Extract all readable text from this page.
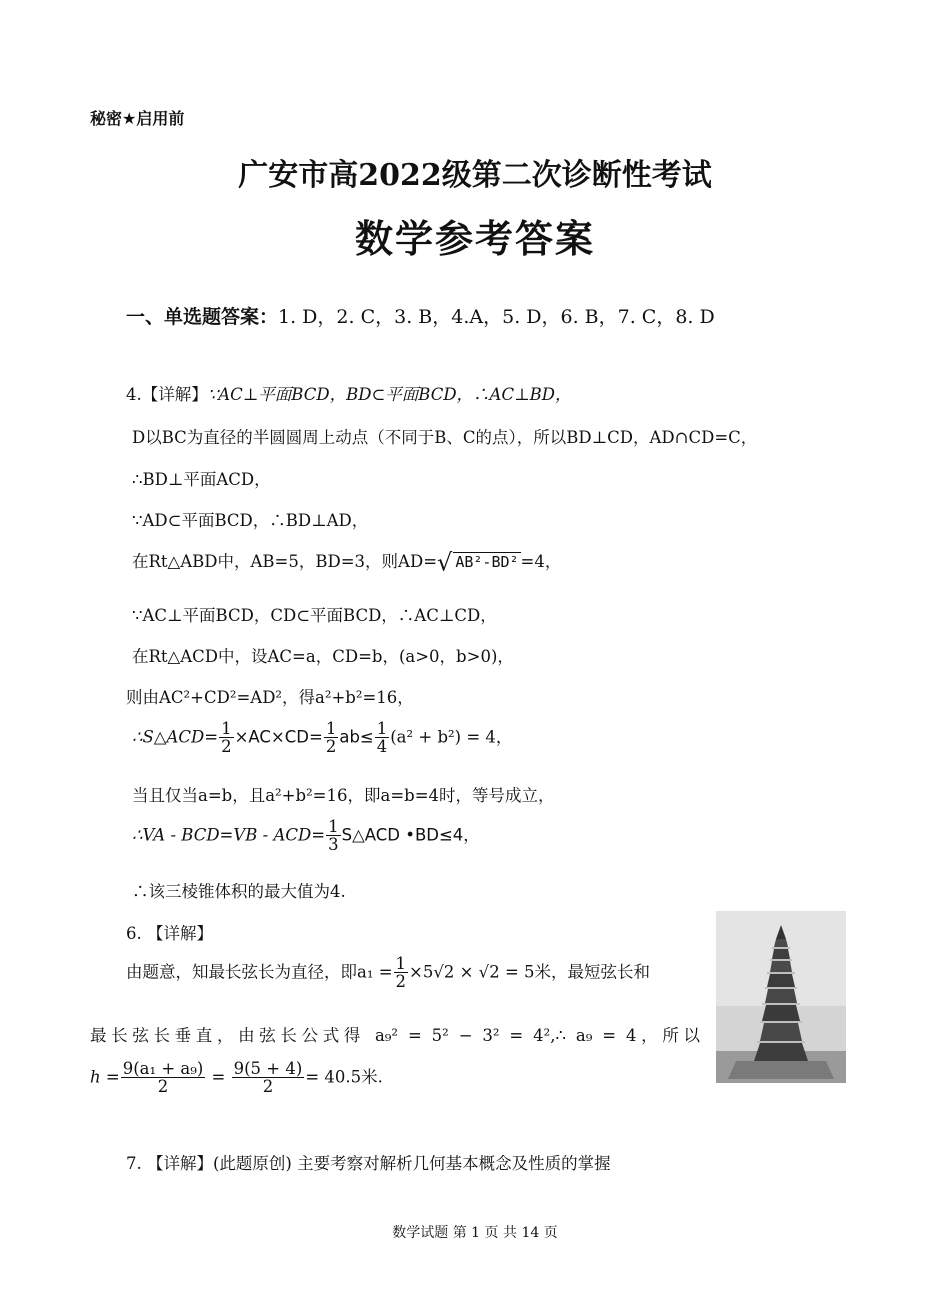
秘密★启用前
广安市高2022级第二次诊断性考试
数学参考答案
一、单选题答案：1. D，2. C，3. B，4.A，5. D，6. B，7. C，8. D
4.【详解】∵AC⊥平面BCD，BD⊂平面BCD，∴AC⊥BD，
D以BC为直径的半圆圆周上动点（不同于B、C的点），所以BD⊥CD，AD∩CD=C，
∴BD⊥平面ACD，
∵AD⊂平面BCD，∴BD⊥AD，
在Rt△ABD中，AB=5，BD=3，则AD=√ AB²-BD² =4，
∵AC⊥平面BCD，CD⊂平面BCD，∴AC⊥CD，
在Rt△ACD中，设AC=a，CD=b，(a>0，b>0)，
则由AC²+CD²=AD²，得a²+b²=16，
∴S△ACD= $\frac{1}{2} \times AC\times CD= \frac{1}{2} ab\le \frac{1}{4} (a^2 + b^2) = 4$，
当且仅当a=b，且a²+b²=16，即a=b=4时，等号成立，
∴VA - $BCD=VB - ACD= \frac{1}{3}$ S△ACD •BD≤4，
∴该三棱锥体积的最大值为4.
6. 【详解】
由题意，知最长弦长为直径，即$a_1 = \frac{1}{2} \times 5√2 \times √2 = 5$米，最短弦长和
最长弦长垂直，由弦长公式得 a₉² = 5² − 3² = 4²,∴ a₉ = 4，所以
$h = \frac{\text{9(a₁ + a₉)}}{2} = \frac{9(5 + 4)}{2} = 40.5$米.
7. 【详解】(此题原创) 主要考察对解析几何基本概念及性质的掌握
数学试题 第 1 页 共 14 页
